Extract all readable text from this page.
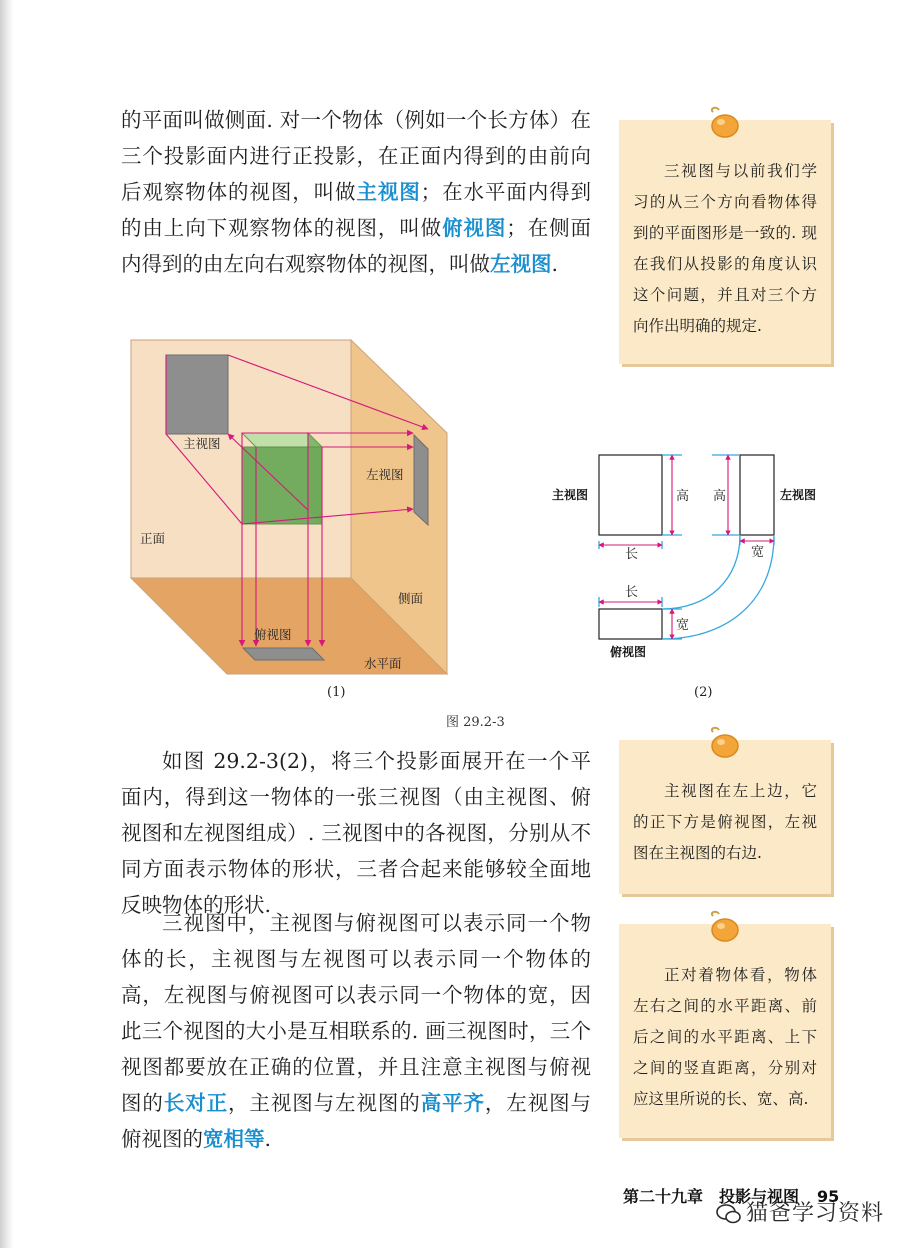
的平面叫做侧面. 对一个物体（例如一个长方体）在三个投影面内进行正投影，在正面内得到的由前向后观察物体的视图，叫做主视图；在水平面内得到的由上向下观察物体的视图，叫做俯视图；在侧面内得到的由左向右观察物体的视图，叫做左视图.

三视图与以前我们学习的从三个方向看物体得到的平面图形是一致的. 现在我们从投影的角度认识这个问题，并且对三个方向作出明确的规定.
主视图
左视图
正面
侧面
俯视图
水平面
(1)
主视图	左视图
俯视图
高 高
长
长
宽
宽
(2)
图 29.2-3

如图 29.2-3(2)，将三个投影面展开在一个平面内，得到这一物体的一张三视图（由主视图、俯视图和左视图组成）. 三视图中的各视图，分别从不同方面表示物体的形状，三者合起来能够较全面地反映物体的形状.

三视图中，主视图与俯视图可以表示同一个物体的长，主视图与左视图可以表示同一个物体的高，左视图与俯视图可以表示同一个物体的宽，因此三个视图的大小是互相联系的. 画三视图时，三个视图都要放在正确的位置，并且注意主视图与俯视图的长对正，主视图与左视图的高平齐，左视图与俯视图的宽相等.

主视图在左上边，它的正下方是俯视图，左视图在主视图的右边.
正对着物体看，物体左右之间的水平距离、前后之间的水平距离、上下之间的竖直距离，分别对应这里所说的长、宽、高.
第二十九章　投影与视图 95
猫爸学习资料
